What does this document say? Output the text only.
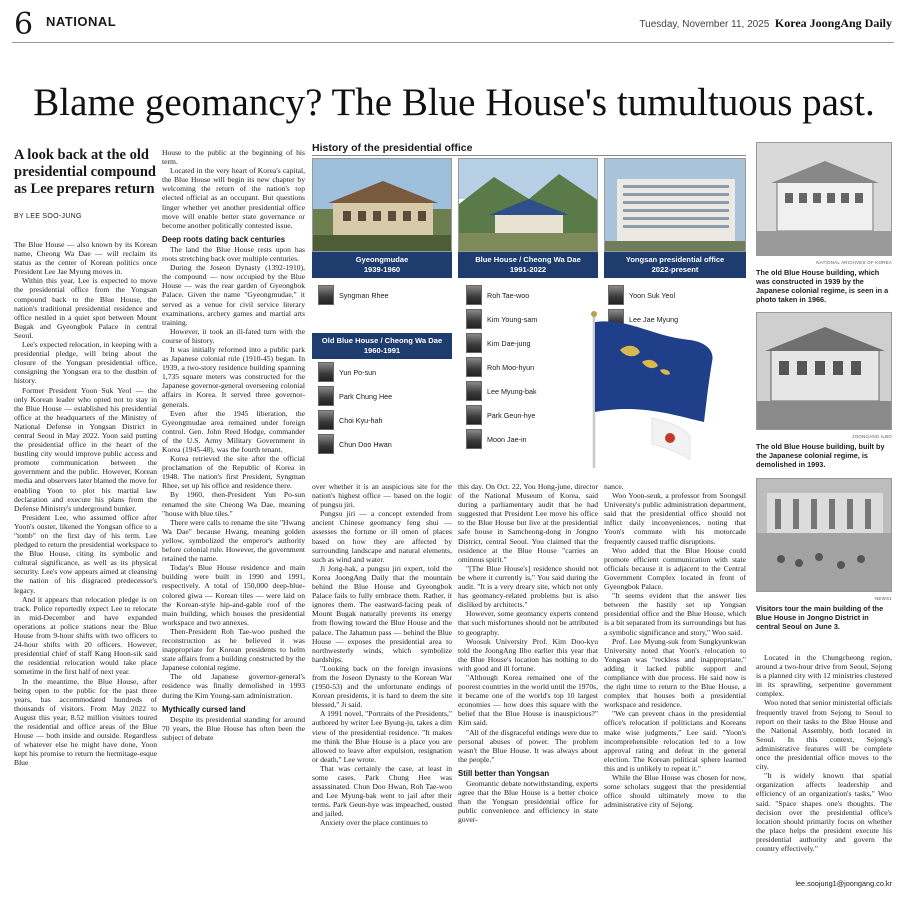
6 NATIONAL	Tuesday, November 11, 2025 Korea JoongAng Daily
Blame geomancy? The Blue House's tumultuous past.
A look back at the old presidential compound as Lee prepares return
BY LEE SOO-JUNG

The Blue House — also known by its Korean name, Cheong Wa Dae — will reclaim its status as the center of Korean politics once President Lee Jae Myung moves in.

Within this year, Lee is expected to move the presidential office from the Yongsan compound back to the Blue House, the nation's traditional presidential residence and office nestled in a quiet spot between Mount Bugak and Gyeongbok Palace in central Seoul.

Lee's expected relocation, in keeping with a presidential pledge, will bring about the closure of the Yongsan presidential office, consigning the Yongsan era to the dustbin of history.

Former President Yoon Suk Yeol — the only Korean leader who opted not to stay in the Blue House — established his presidential office at the headquarters of the Ministry of National Defense in Yongsan District in central Seoul in May 2022. Yoon said putting the presidential office in the heart of the bustling city would improve public access and promote communication between the government and the public. However, Korean media and observers later blamed the move for enabling Yoon to plot his martial law declaration and execute his plans from the Defense Ministry's underground bunker.

President Lee, who assumed office after Yoon's ouster, likened the Yongsan office to a "tomb" on the first day of his term. Lee pledged to return the presidential workspace to the Blue House, citing its symbolic and cultural significance, as well as its physical security. Lee's vow appears aimed at cleansing the nation of his disgraced predecessor's legacy.

And it appears that relocation pledge is on track. Police reportedly expect Lee to relocate in mid-December and have expanded operations at police stations near the Blue House from 9-hour shifts with two officers to 24-hour shifts with 20 officers. However, presidential chief of staff Kang Hoon-sik said the residential relocation would take place sometime in the first half of next year.

In the meantime, the Blue House, after being open to the public for the past three years, has accommodated hundreds of thousands of visitors. From May 2022 to August this year, 8.52 million visitors toured the residential and office areas of the Blue House — both inside and outside. Regardless of whatever else he might have done, Yoon kept his promise to return the hermitage-esque Blue

House to the public at the beginning of his term.

Located in the very heart of Korea's capital, the Blue House will begin its new chapter by welcoming the return of the nation's top elected official as an occupant. But questions linger whether yet another presidential office move will enable better state governance or become another politically contested issue.

Deep roots dating back centuries

The land the Blue House rests upon has roots stretching back over multiple centuries.

During the Joseon Dynasty (1392-1910), the compound — now occupied by the Blue House — was the rear garden of Gyeongbok Palace. Given the name "Gyeongmudae," it served as a venue for civil service literary examinations, archery games and martial arts training.

However, it took an ill-fated turn with the course of history.

It was initially reformed into a public park as Japanese colonial rule (1910-45) began. In 1939, a two-story residence building spanning 1,735 square meters was constructed for the Japanese governor-general overseeing colonial affairs in Korea. It served three governor-generals.

Even after the 1945 liberation, the Gyeongmudae area remained under foreign control. Gen. John Reed Hodge, commander of the U.S. Army Military Government in Korea (1945-48), was the fourth tenant.

Korea retrieved the site after the official proclamation of the Republic of Korea in 1948. The nation's first President, Syngman Rhee, set up his office and residence there.

By 1960, then-President Yun Po-sun renamed the site Cheong Wa Dae, meaning "house with blue tiles."

There were calls to rename the site "Hwang Wa Dae" because Hwang, meaning golden yellow, symbolized the emperor's authority before colonial rule. However, the government retained the name.

Today's Blue House residence and main building were built in 1990 and 1991, respectively. A total of 150,000 deep-blue-colored giwa — Korean tiles — were laid on the Korean-style hip-and-gable roof of the main building, which houses the presidential workspace and two annexes.

Then-President Roh Tae-woo pushed the reconstruction as he believed it was inappropriate for Korean presidents to helm state affairs from a building constructed by the Japanese colonial regime.

The old Japanese governor-general's residence was finally demolished in 1993 during the Kim Young-sam administration.

Mythically cursed land

Despite its presidential standing for around 70 years, the Blue House has often been the subject of debate

History of the presidential office
Gyeongmudae
1939-1960
Blue House / Cheong Wa Dae
1991-2022
Yongsan presidential office
2022-present
Syngman Rhee
Old Blue House / Cheong Wa Dae
1960-1991
Yun Po-sun
Park Chung Hee
Choi Kyu-hah
Chun Doo Hwan
Roh Tae-woo
Kim Young-sam
Kim Dae-jung
Roh Moo-hyun
Lee Myung-bak
Park Geun-hye
Moon Jae-in
Yoon Suk Yeol
Lee Jae Myung

over whether it is an auspicious site for the nation's highest office — based on the logic of pungsu jiri.

Pungsu jiri — a concept extended from ancient Chinese geomancy feng shui — assesses the fortune or ill omen of places based on how they are affected by surrounding landscape and natural elements, such as wind and water.

Ji Jong-hak, a pungsu jiri expert, told the Korea JoongAng Daily that the mountain behind the Blue House and Gyeongbok Palace fails to fully embrace them. Rather, it ignores them. The eastward-facing peak of Mount Bugak naturally prevents its energy from flowing toward the Blue House and the palace. The Jahamun pass — behind the Blue House — exposes the presidential area to northwesterly winds, which symbolize hardships.

"Looking back on the foreign invasions from the Joseon Dynasty to the Korean War (1950-53) and the unfortunate endings of Korean presidents, it is hard to deem the site blessed," Ji said.

A 1991 novel, "Portraits of the Presidents," authored by writer Lee Byung-ju, takes a dim view of the presidential residence. "It makes me think the Blue House is a place you are allowed to leave after expulsion, resignation or death," Lee wrote.

That was certainly the case, at least in some cases. Park Chung Hee was assassinated. Chun Doo Hwan, Roh Tae-woo and Lee Myung-bak went to jail after their terms. Park Geun-hye was impeached, ousted and jailed.

Anxiety over the place continues to

this day. On Oct. 22, You Hong-june, director of the National Museum of Korea, said during a parliamentary audit that he had suggested that President Lee move his office to the Blue House but live at the presidential safe house in Samcheong-dong in Jongno District, central Seoul. You claimed that the residence at the Blue House "carries an ominous spirit."

"[The Blue House's] residence should not be where it currently is," You said during the audit. "It is a very dreary site, which not only has geomancy-related problems but is also disliked by architects."

However, some geomancy experts contend that such misfortunes should not be attributed to geography.

Woosuk University Prof. Kim Doo-kyu told the JoongAng Ilbo earlier this year that the Blue House's location has nothing to do with good and ill fortune.

"Although Korea remained one of the poorest countries in the world until the 1970s, it became one of the world's top 10 largest economies — how does this square with the belief that the Blue House is inauspicious?" Kim said.

"All of the disgraceful endings were due to personal abuses of power. The problem wasn't the Blue House. It was always about the people."

Still better than Yongsan

Geomantic debate notwithstanding, experts agree that the Blue House is a better choice than the Yongsan presidential office for public convenience and efficiency in state gover-

nance.

Woo Yoon-seuk, a professor from Soongsil University's public administration department, said that the presidential office should not inflict daily inconveniences, noting that Yoon's commute with his motorcade frequently caused traffic disruptions.

Woo added that the Blue House could promote efficient communication with state officials because it is adjacent to the Central Government Complex located in front of Gyeongbok Palace.

"It seems evident that the answer lies between the hastily set up Yongsan presidential office and the Blue House, which is a bit separated from its surroundings but has a symbolic significance and story," Woo said.

Prof. Lee Myung-suk from Sungkyunkwan University noted that Yoon's relocation to Yongsan was "reckless and inappropriate," adding it lacked public support and compliance with due process. He said now is the right time to return to the Blue House, a complex that houses both a presidential workspace and residence.

"We can prevent chaos in the presidential office's relocation if politicians and Koreans make wise judgments," Lee said. "Yoon's incomprehensible relocation led to a low approval rating and defeat in the general election. The Korean political sphere learned this and is unlikely to repeat it."

While the Blue House was chosen for now, some scholars suggest that the presidential office should ultimately move to the administrative city of Sejong.

NATIONAL ARCHIVES OF KOREA
The old Blue House building, which was constructed in 1939 by the Japanese colonial regime, is seen in a photo taken in 1966.
JOONGANG ILBO
The old Blue House building, built by the Japanese colonial regime, is demolished in 1993.
NEWS1
Visitors tour the main building of the Blue House in Jongno District in central Seoul on June 3.

Located in the Chungcheong region, around a two-hour drive from Seoul, Sejong is a planned city with 12 ministries clustered in its sprawling, serpentine government complex.

Woo noted that senior ministerial officials frequently travel from Sejong to Seoul to report on their tasks to the Blue House and the National Assembly, both located in Seoul. In this context, Sejong's administrative features will be complete once the presidential office moves to the city.

"It is widely known that spatial organization affects leadership and efficiency of an organization's tasks," Woo said. "Space shapes one's thoughts. The decision over the presidential office's location should primarily focus on whether the place helps the president execute his presidential authority and govern the country effectively."

lee.soojung1@joongang.co.kr
